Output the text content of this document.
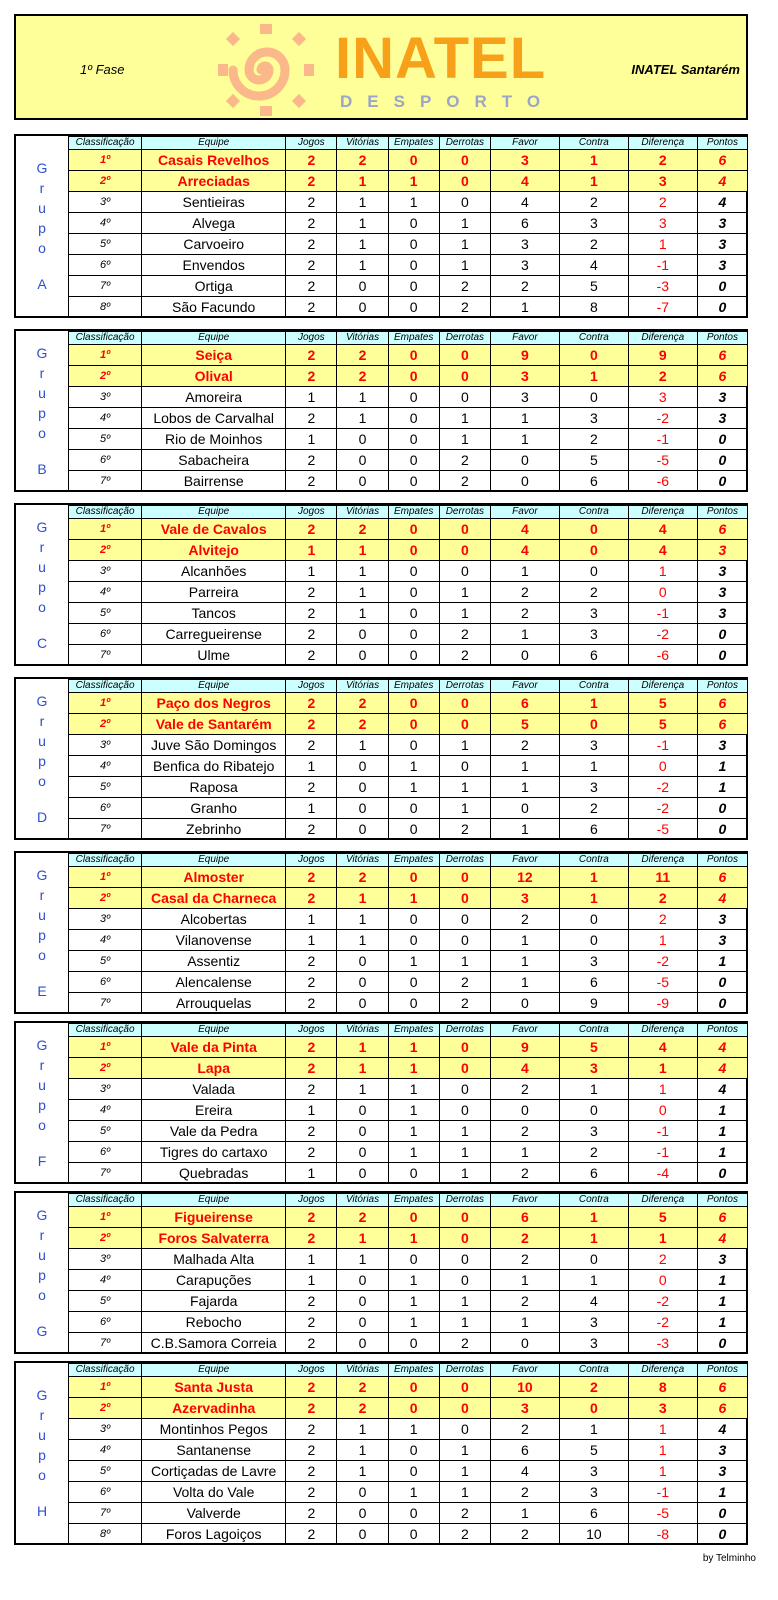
1º Fase	INATEL
DESPORTO
INATEL Santarém
G
r
u
p
o
A
Classificação	Equipe	Jogos	Vitórias	Empates	Derrotas	Favor	Contra	Diferença	Pontos
1º	Casais Revelhos	2	2	0	0	3	1	2	6
2º	Arreciadas	2	1	1	0	4	1	3	4
3º	Sentieiras	2	1	1	0	4	2	2	4
4º	Alvega	2	1	0	1	6	3	3	3
5º	Carvoeiro	2	1	0	1	3	2	1	3
6º	Envendos	2	1	0	1	3	4	-1	3
7º	Ortiga	2	0	0	2	2	5	-3	0
8º	São Facundo	2	0	0	2	1	8	-7	0
G
r
u
p
o
B
Classificação	Equipe	Jogos	Vitórias	Empates	Derrotas	Favor	Contra	Diferença	Pontos
1º	Seiça	2	2	0	0	9	0	9	6
2º	Olival	2	2	0	0	3	1	2	6
3º	Amoreira	1	1	0	0	3	0	3	3
4º	Lobos de Carvalhal	2	1	0	1	1	3	-2	3
5º	Rio de Moinhos	1	0	0	1	1	2	-1	0
6º	Sabacheira	2	0	0	2	0	5	-5	0
7º	Bairrense	2	0	0	2	0	6	-6	0
G
r
u
p
o
C
Classificação	Equipe	Jogos	Vitórias	Empates	Derrotas	Favor	Contra	Diferença	Pontos
1º	Vale de Cavalos	2	2	0	0	4	0	4	6
2º	Alvitejo	1	1	0	0	4	0	4	3
3º	Alcanhões	1	1	0	0	1	0	1	3
4º	Parreira	2	1	0	1	2	2	0	3
5º	Tancos	2	1	0	1	2	3	-1	3
6º	Carregueirense	2	0	0	2	1	3	-2	0
7º	Ulme	2	0	0	2	0	6	-6	0
G
r
u
p
o
D
Classificação	Equipe	Jogos	Vitórias	Empates	Derrotas	Favor	Contra	Diferença	Pontos
1º	Paço dos Negros	2	2	0	0	6	1	5	6
2º	Vale de Santarém	2	2	0	0	5	0	5	6
3º	Juve São Domingos	2	1	0	1	2	3	-1	3
4º	Benfica do Ribatejo	1	0	1	0	1	1	0	1
5º	Raposa	2	0	1	1	1	3	-2	1
6º	Granho	1	0	0	1	0	2	-2	0
7º	Zebrinho	2	0	0	2	1	6	-5	0
G
r
u
p
o
E
Classificação	Equipe	Jogos	Vitórias	Empates	Derrotas	Favor	Contra	Diferença	Pontos
1º	Almoster	2	2	0	0	12	1	11	6
2º	Casal da Charneca	2	1	1	0	3	1	2	4
3º	Alcobertas	1	1	0	0	2	0	2	3
4º	Vilanovense	1	1	0	0	1	0	1	3
5º	Assentiz	2	0	1	1	1	3	-2	1
6º	Alencalense	2	0	0	2	1	6	-5	0
7º	Arrouquelas	2	0	0	2	0	9	-9	0
G
r
u
p
o
F
Classificação	Equipe	Jogos	Vitórias	Empates	Derrotas	Favor	Contra	Diferença	Pontos
1º	Vale da Pinta	2	1	1	0	9	5	4	4
2º	Lapa	2	1	1	0	4	3	1	4
3º	Valada	2	1	1	0	2	1	1	4
4º	Ereira	1	0	1	0	0	0	0	1
5º	Vale da Pedra	2	0	1	1	2	3	-1	1
6º	Tigres do cartaxo	2	0	1	1	1	2	-1	1
7º	Quebradas	1	0	0	1	2	6	-4	0
G
r
u
p
o
G
Classificação	Equipe	Jogos	Vitórias	Empates	Derrotas	Favor	Contra	Diferença	Pontos
1º	Figueirense	2	2	0	0	6	1	5	6
2º	Foros Salvaterra	2	1	1	0	2	1	1	4
3º	Malhada Alta	1	1	0	0	2	0	2	3
4º	Carapuções	1	0	1	0	1	1	0	1
5º	Fajarda	2	0	1	1	2	4	-2	1
6º	Rebocho	2	0	1	1	1	3	-2	1
7º	C.B.Samora Correia	2	0	0	2	0	3	-3	0
G
r
u
p
o
H
Classificação	Equipe	Jogos	Vitórias	Empates	Derrotas	Favor	Contra	Diferença	Pontos
1º	Santa Justa	2	2	0	0	10	2	8	6
2º	Azervadinha	2	2	0	0	3	0	3	6
3º	Montinhos Pegos	2	1	1	0	2	1	1	4
4º	Santanense	2	1	0	1	6	5	1	3
5º	Cortiçadas de Lavre	2	1	0	1	4	3	1	3
6º	Volta do Vale	2	0	1	1	2	3	-1	1
7º	Valverde	2	0	0	2	1	6	-5	0
8º	Foros Lagoiços	2	0	0	2	2	10	-8	0
by Telminho
